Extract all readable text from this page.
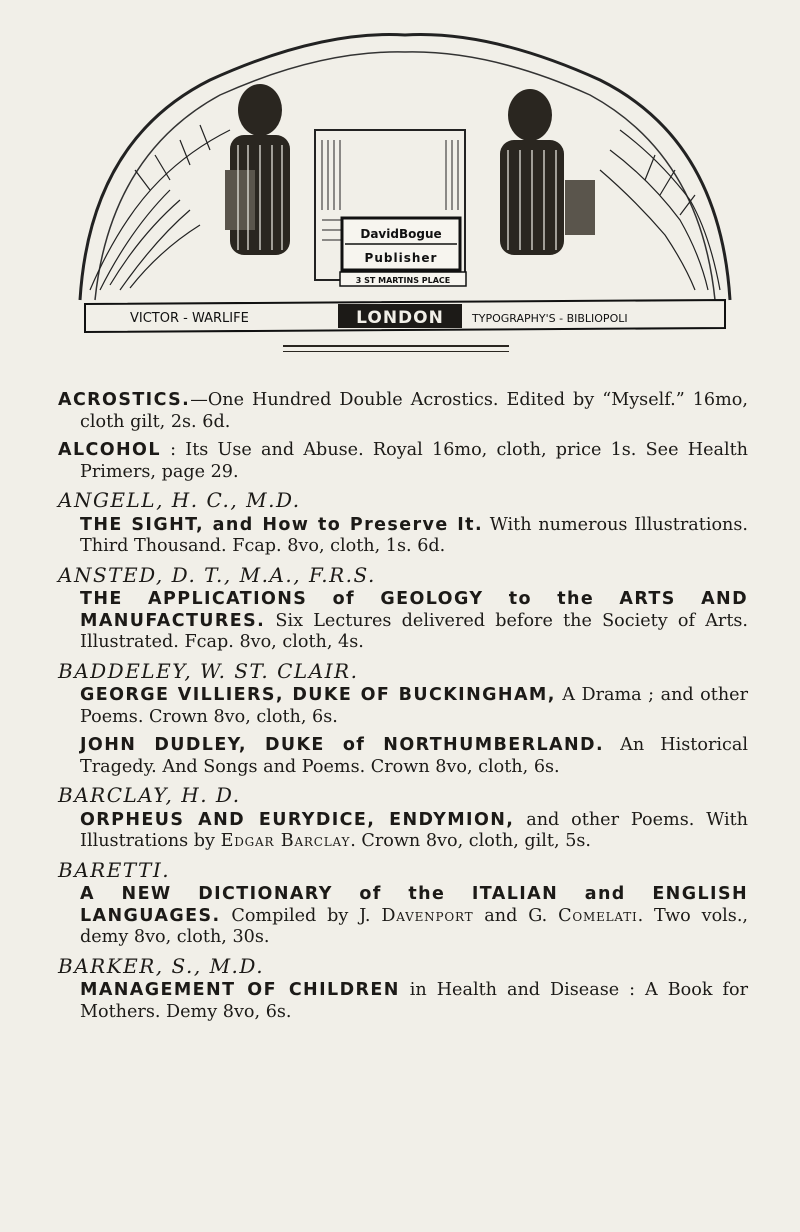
DavidBogue
Publisher
3 ST MARTINS PLACE
VICTOR - WARLIFE	LONDON	TYPOGRAPHY'S - BIBLIOPOLI

ACROSTICS.—One Hundred Double Acrostics. Edited by “Myself.” 16mo, cloth gilt, 2s. 6d.

ALCOHOL : Its Use and Abuse. Royal 16mo, cloth, price 1s. See Health Primers, page 29.

ANGELL, H. C., M.D.

THE SIGHT, and How to Preserve It. With numerous Illustrations. Third Thousand. Fcap. 8vo, cloth, 1s. 6d.

ANSTED, D. T., M.A., F.R.S.

THE APPLICATIONS of GEOLOGY to the ARTS AND MANUFACTURES. Six Lectures delivered before the Society of Arts. Illustrated. Fcap. 8vo, cloth, 4s.

BADDELEY, W. ST. CLAIR.

GEORGE VILLIERS, DUKE OF BUCKINGHAM, A Drama ; and other Poems. Crown 8vo, cloth, 6s.

JOHN DUDLEY, DUKE of NORTHUMBERLAND. An Historical Tragedy. And Songs and Poems. Crown 8vo, cloth, 6s.

BARCLAY, H. D.

ORPHEUS AND EURYDICE, ENDYMION, and other Poems. With Illustrations by Edgar Barclay. Crown 8vo, cloth, gilt, 5s.

BARETTI.

A NEW DICTIONARY of the ITALIAN and ENGLISH LANGUAGES. Compiled by J. Davenport and G. Comelati. Two vols., demy 8vo, cloth, 30s.

BARKER, S., M.D.

MANAGEMENT OF CHILDREN in Health and Disease : A Book for Mothers. Demy 8vo, 6s.
